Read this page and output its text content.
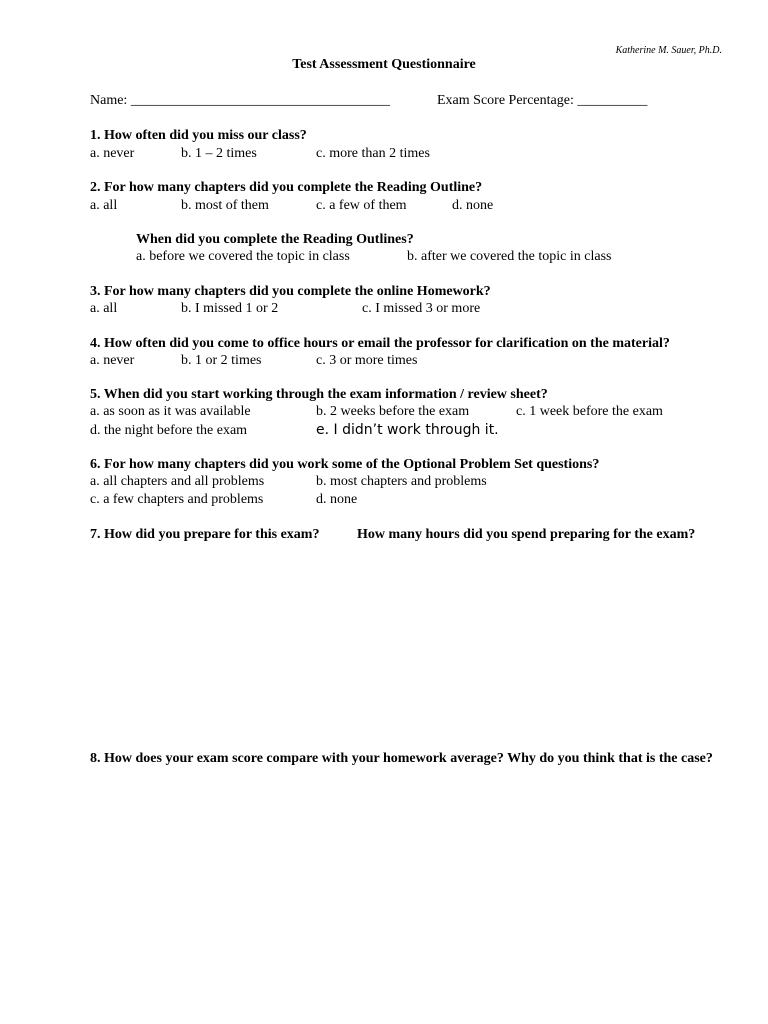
Katherine M. Sauer, Ph.D.
Test Assessment Questionnaire
Name: _____________________________________	Exam Score Percentage: __________
1. How often did you miss our class?
a. never	b. 1 – 2 times	c. more than 2 times
2. For how many chapters did you complete the Reading Outline?
a. all	b. most of them	c. a few of them	d. none
When did you complete the Reading Outlines?
a. before we covered the topic in class	b. after we covered the topic in class
3. For how many chapters did you complete the online Homework?
a. all	b. I missed 1 or 2	c. I missed 3 or more
4. How often did you come to office hours or email the professor for clarification on the material?
a. never	b. 1 or 2 times	c. 3 or more times
5. When did you start working through the exam information / review sheet?
a. as soon as it was available	b. 2 weeks before the exam	c. 1 week before the exam
d. the night before the exam	e. I didn’t work through it.
6. For how many chapters did you work some of the Optional Problem Set questions?
a. all chapters and all problems	b. most chapters and problems
c. a few chapters and problems	d. none
7. How did you prepare for this exam?	How many hours did you spend preparing for the exam?
8. How does your exam score compare with your homework average? Why do you think that is the case?
